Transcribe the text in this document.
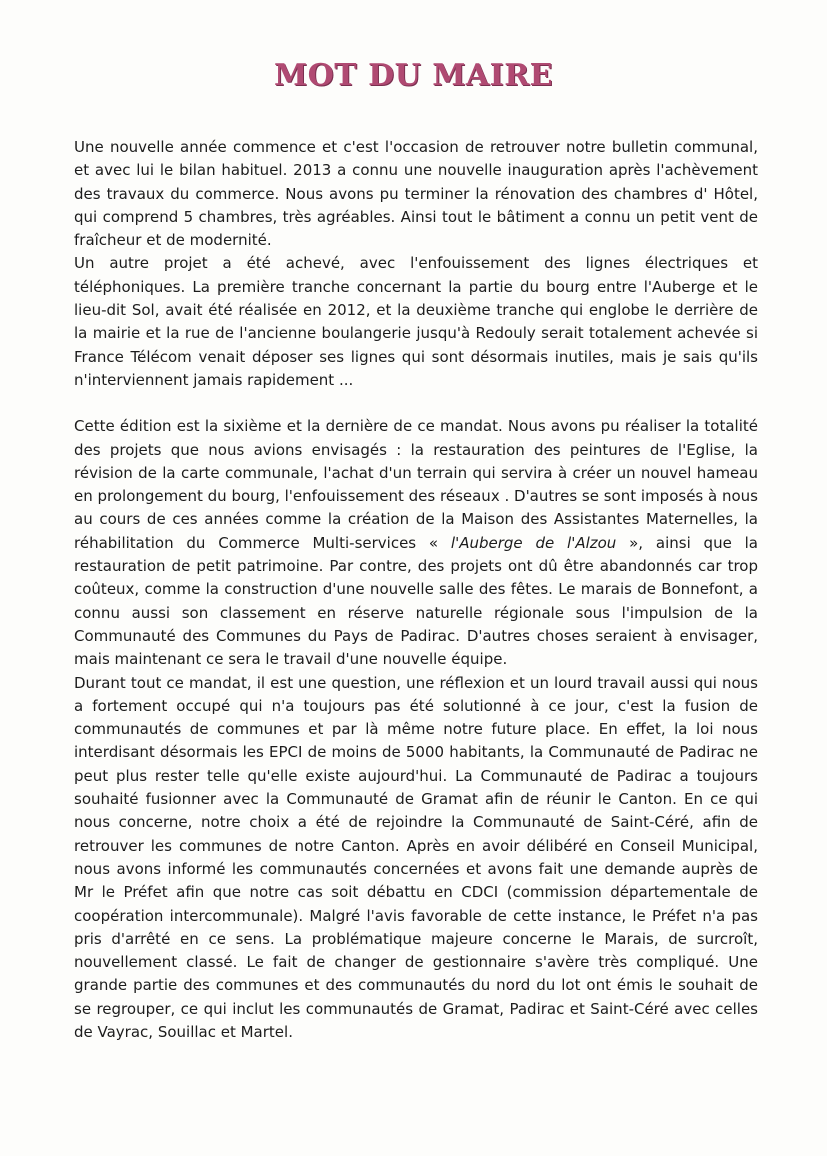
MOT DU MAIRE

Une nouvelle année commence et c'est l'occasion de retrouver notre bulletin communal, et avec lui le bilan habituel. 2013 a connu une nouvelle inauguration après l'achèvement des travaux du commerce. Nous avons pu terminer la rénovation des chambres d' Hôtel, qui comprend 5 chambres, très agréables. Ainsi tout le bâtiment a connu un petit vent de fraîcheur et de modernité.

Un autre projet a été achevé, avec l'enfouissement des lignes électriques et téléphoniques. La première tranche concernant la partie du bourg entre l'Auberge et le lieu-dit Sol, avait été réalisée en 2012, et la deuxième tranche qui englobe le derrière de la mairie et la rue de l'ancienne boulangerie jusqu'à Redouly serait totalement achevée si France Télécom venait déposer ses lignes qui sont désormais inutiles, mais je sais qu'ils n'interviennent jamais rapidement ...

Cette édition est la sixième et la dernière de ce mandat. Nous avons pu réaliser la totalité des projets que nous avions envisagés : la restauration des peintures de l'Eglise, la révision de la carte communale, l'achat d'un terrain qui servira à créer un nouvel hameau en prolongement du bourg, l'enfouissement des réseaux . D'autres se sont imposés à nous au cours de ces années comme la création de la Maison des Assistantes Maternelles, la réhabilitation du Commerce Multi-services « l'Auberge de l'Alzou », ainsi que la restauration de petit patrimoine. Par contre, des projets ont dû être abandonnés car trop coûteux, comme la construction d'une nouvelle salle des fêtes. Le marais de Bonnefont, a connu aussi son classement en réserve naturelle régionale sous l'impulsion de la Communauté des Communes du Pays de Padirac. D'autres choses seraient à envisager, mais maintenant ce sera le travail d'une nouvelle équipe.

Durant tout ce mandat, il est une question, une réflexion et un lourd travail aussi qui nous a fortement occupé qui n'a toujours pas été solutionné à ce jour, c'est la fusion de communautés de communes et par là même notre future place. En effet, la loi nous interdisant désormais les EPCI de moins de 5000 habitants, la Communauté de Padirac ne peut plus rester telle qu'elle existe aujourd'hui. La Communauté de Padirac a toujours souhaité fusionner avec la Communauté de Gramat afin de réunir le Canton. En ce qui nous concerne, notre choix a été de rejoindre la Communauté de Saint-Céré, afin de retrouver les communes de notre Canton. Après en avoir délibéré en Conseil Municipal, nous avons informé les communautés concernées et avons fait une demande auprès de Mr le Préfet afin que notre cas soit débattu en CDCI (commission départementale de coopération intercommunale). Malgré l'avis favorable de cette instance, le Préfet n'a pas pris d'arrêté en ce sens. La problématique majeure concerne le Marais, de surcroît, nouvellement classé. Le fait de changer de gestionnaire s'avère très compliqué. Une grande partie des communes et des communautés du nord du lot ont émis le souhait de se regrouper, ce qui inclut les communautés de Gramat, Padirac et Saint-Céré avec celles de Vayrac, Souillac et Martel.
